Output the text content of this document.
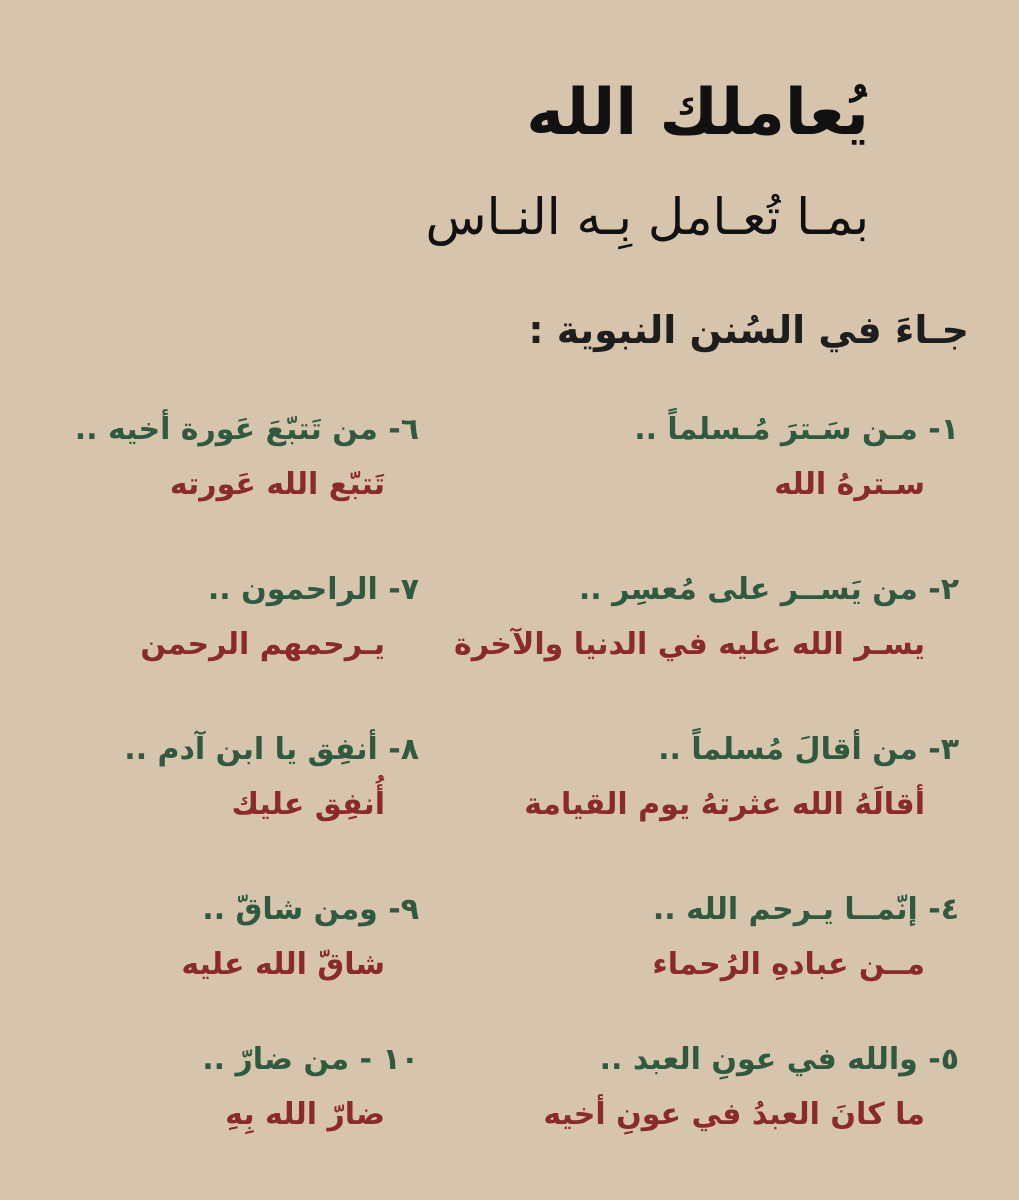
يُعاملك الله
بمـا تُعـامل بِـه النـاس
جـاءَ في السُنن النبوية :
١- مـن سَـترَ مُـسلماً ..
سـترهُ الله
٢- من يَســر على مُعسِر ..
يسـر الله عليه في الدنيا والآخرة
٣- من أقالَ مُسلماً ..
أقالَهُ الله عثرتهُ يوم القيامة
٤- إنّمــا يـرحم الله ..
مــن عبادهِ الرُحماء
٥- والله في عونِ العبد ..
ما كانَ العبدُ في عونِ أخيه
٦- من تَتبّعَ عَورة أخيه ..
تَتبّع الله عَورته
٧- الراحمون ..
يـرحمهم الرحمن
٨- أنفِق يا ابن آدم ..
أُنفِق عليك
٩- ومن شاقّ ..
شاقّ الله عليه
١٠ - من ضارّ ..
ضارّ الله بِهِ
